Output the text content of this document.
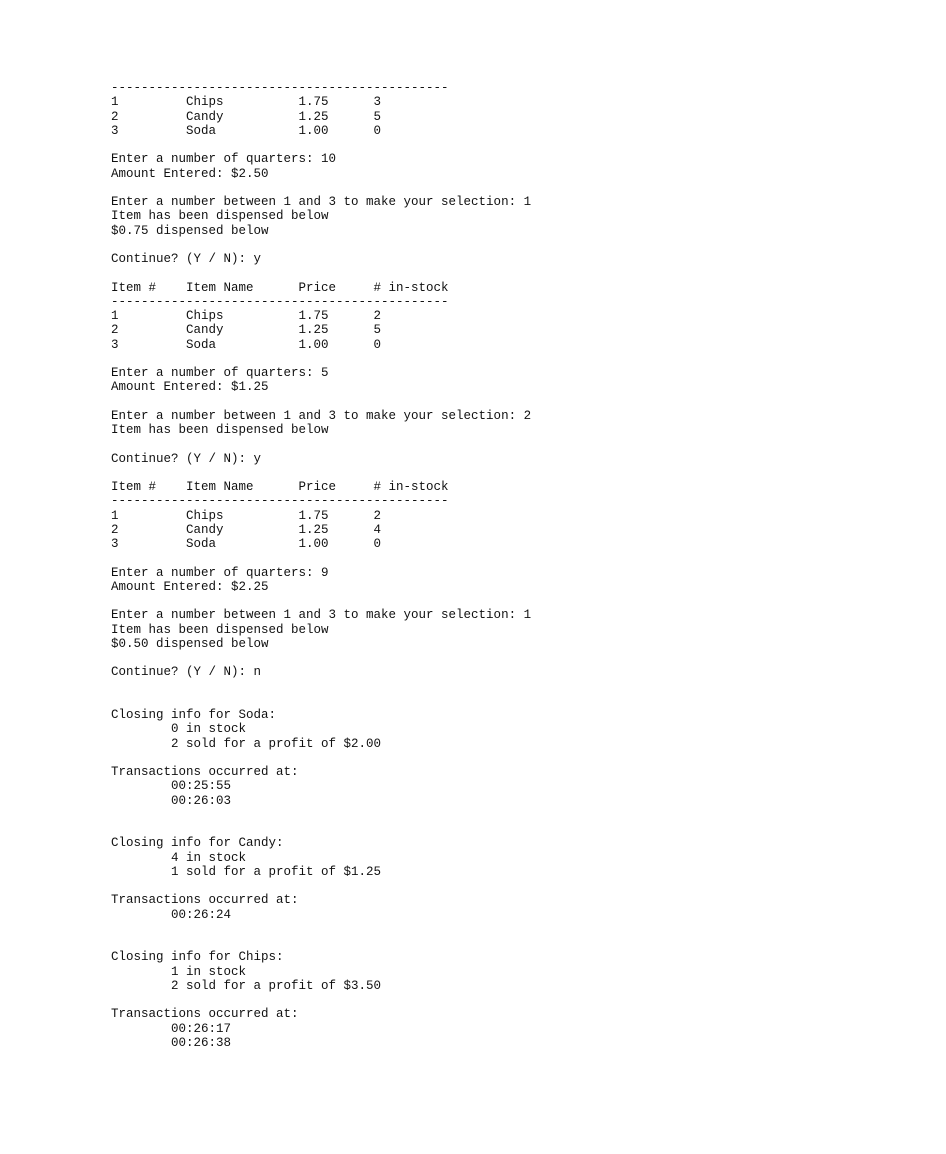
---------------------------------------------
1         Chips          1.75      3
2         Candy          1.25      5
3         Soda           1.00      0
Enter a number of quarters: 10
Amount Entered: $2.50
Enter a number between 1 and 3 to make your selection: 1
Item has been dispensed below
$0.75 dispensed below
Continue? (Y / N): y
Item #    Item Name      Price     # in-stock
---------------------------------------------
1         Chips          1.75      2
2         Candy          1.25      5
3         Soda           1.00      0
Enter a number of quarters: 5
Amount Entered: $1.25
Enter a number between 1 and 3 to make your selection: 2
Item has been dispensed below
Continue? (Y / N): y
Item #    Item Name      Price     # in-stock
---------------------------------------------
1         Chips          1.75      2
2         Candy          1.25      4
3         Soda           1.00      0
Enter a number of quarters: 9
Amount Entered: $2.25
Enter a number between 1 and 3 to make your selection: 1
Item has been dispensed below
$0.50 dispensed below
Continue? (Y / N): n
Closing info for Soda:
0 in stock
2 sold for a profit of $2.00
Transactions occurred at:
00:25:55
00:26:03
Closing info for Candy:
4 in stock
1 sold for a profit of $1.25
Transactions occurred at:
00:26:24
Closing info for Chips:
1 in stock
2 sold for a profit of $3.50
Transactions occurred at:
00:26:17
00:26:38
